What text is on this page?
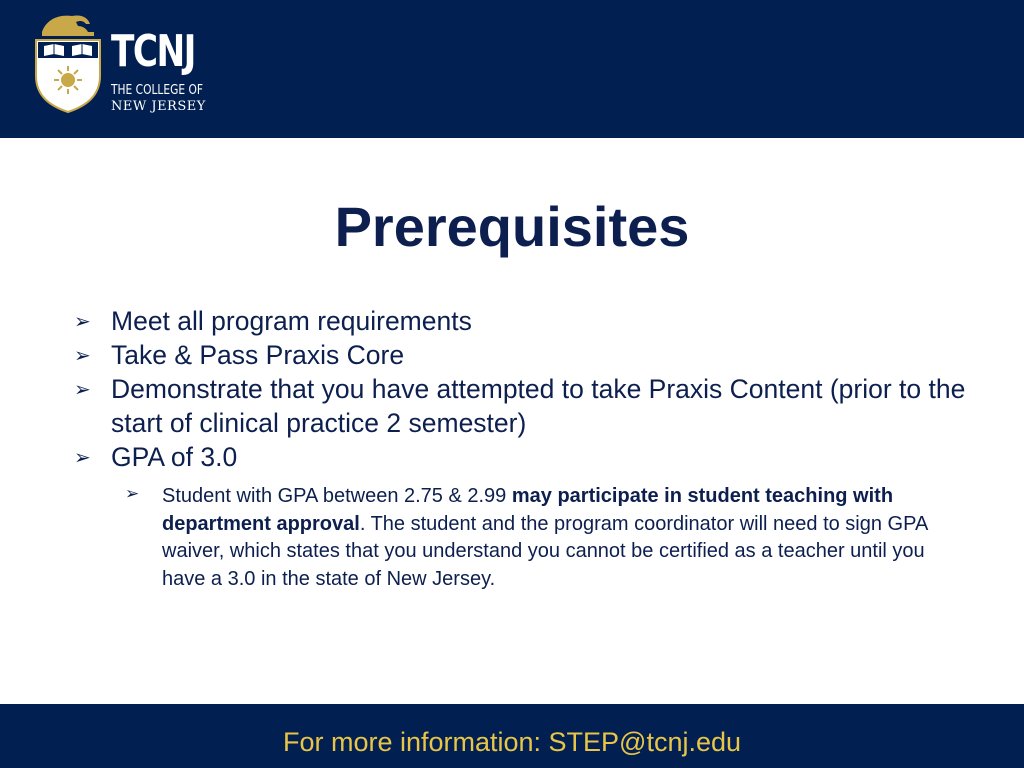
TCNJ
THE COLLEGE OF
NEW JERSEY
Prerequisites
➢ Meet all program requirements
➢ Take & Pass Praxis Core
➢ Demonstrate that you have attempted to take Praxis Content (prior to the start of clinical practice 2 semester)
➢ GPA of 3.0
➢ Student with GPA between 2.75 & 2.99 may participate in student teaching with department approval. The student and the program coordinator will need to sign GPA waiver, which states that you understand you cannot be certified as a teacher until you have a 3.0 in the state of New Jersey.
For more information: STEP@tcnj.edu
